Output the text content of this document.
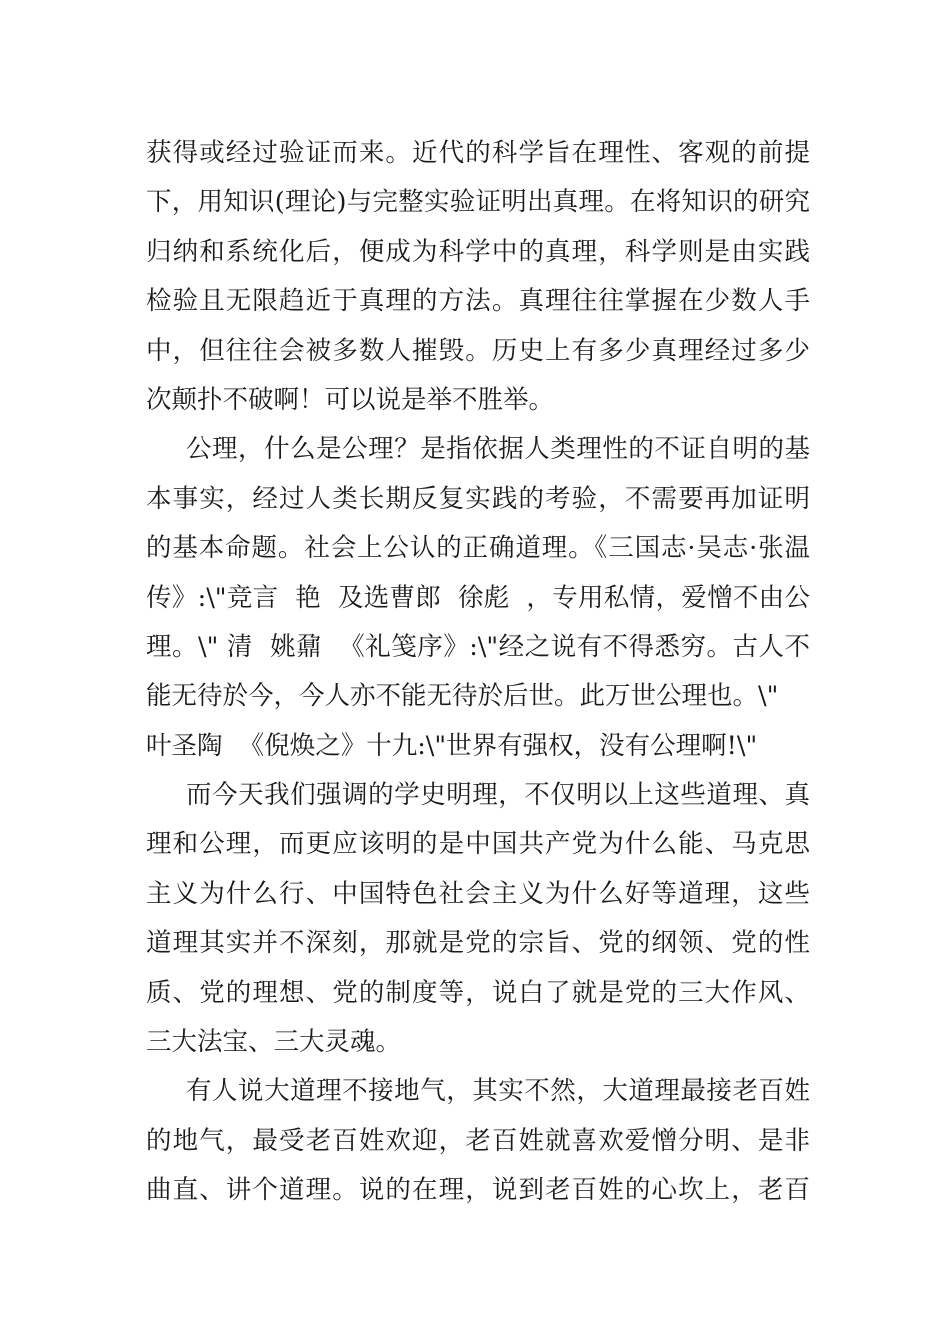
获得或经过验证而来。近代的科学旨在理性、客观的前提
下，用知识(理论)与完整实验证明出真理。在将知识的研究
归纳和系统化后，便成为科学中的真理，科学则是由实践
检验且无限趋近于真理的方法。真理往往掌握在少数人手
中，但往往会被多数人摧毁。历史上有多少真理经过多少
次颠扑不破啊！可以说是举不胜举。
公理，什么是公理？是指依据人类理性的不证自明的基
本事实，经过人类长期反复实践的考验，不需要再加证明
的基本命题。社会上公认的正确道理。《三国志·吴志·张温
传》:\"竞言  艳  及选曹郎  徐彪  ，专用私情，爱憎不由公
理。\" 清  姚鼐  《礼笺序》:\"经之说有不得悉穷。古人不
能无待於今，今人亦不能无待於后世。此万世公理也。\"
叶圣陶  《倪焕之》十九:\"世界有强权，没有公理啊!\"
而今天我们强调的学史明理，不仅明以上这些道理、真
理和公理，而更应该明的是中国共产党为什么能、马克思
主义为什么行、中国特色社会主义为什么好等道理，这些
道理其实并不深刻，那就是党的宗旨、党的纲领、党的性
质、党的理想、党的制度等，说白了就是党的三大作风、
三大法宝、三大灵魂。
有人说大道理不接地气，其实不然，大道理最接老百姓
的地气，最受老百姓欢迎，老百姓就喜欢爱憎分明、是非
曲直、讲个道理。说的在理，说到老百姓的心坎上，老百
